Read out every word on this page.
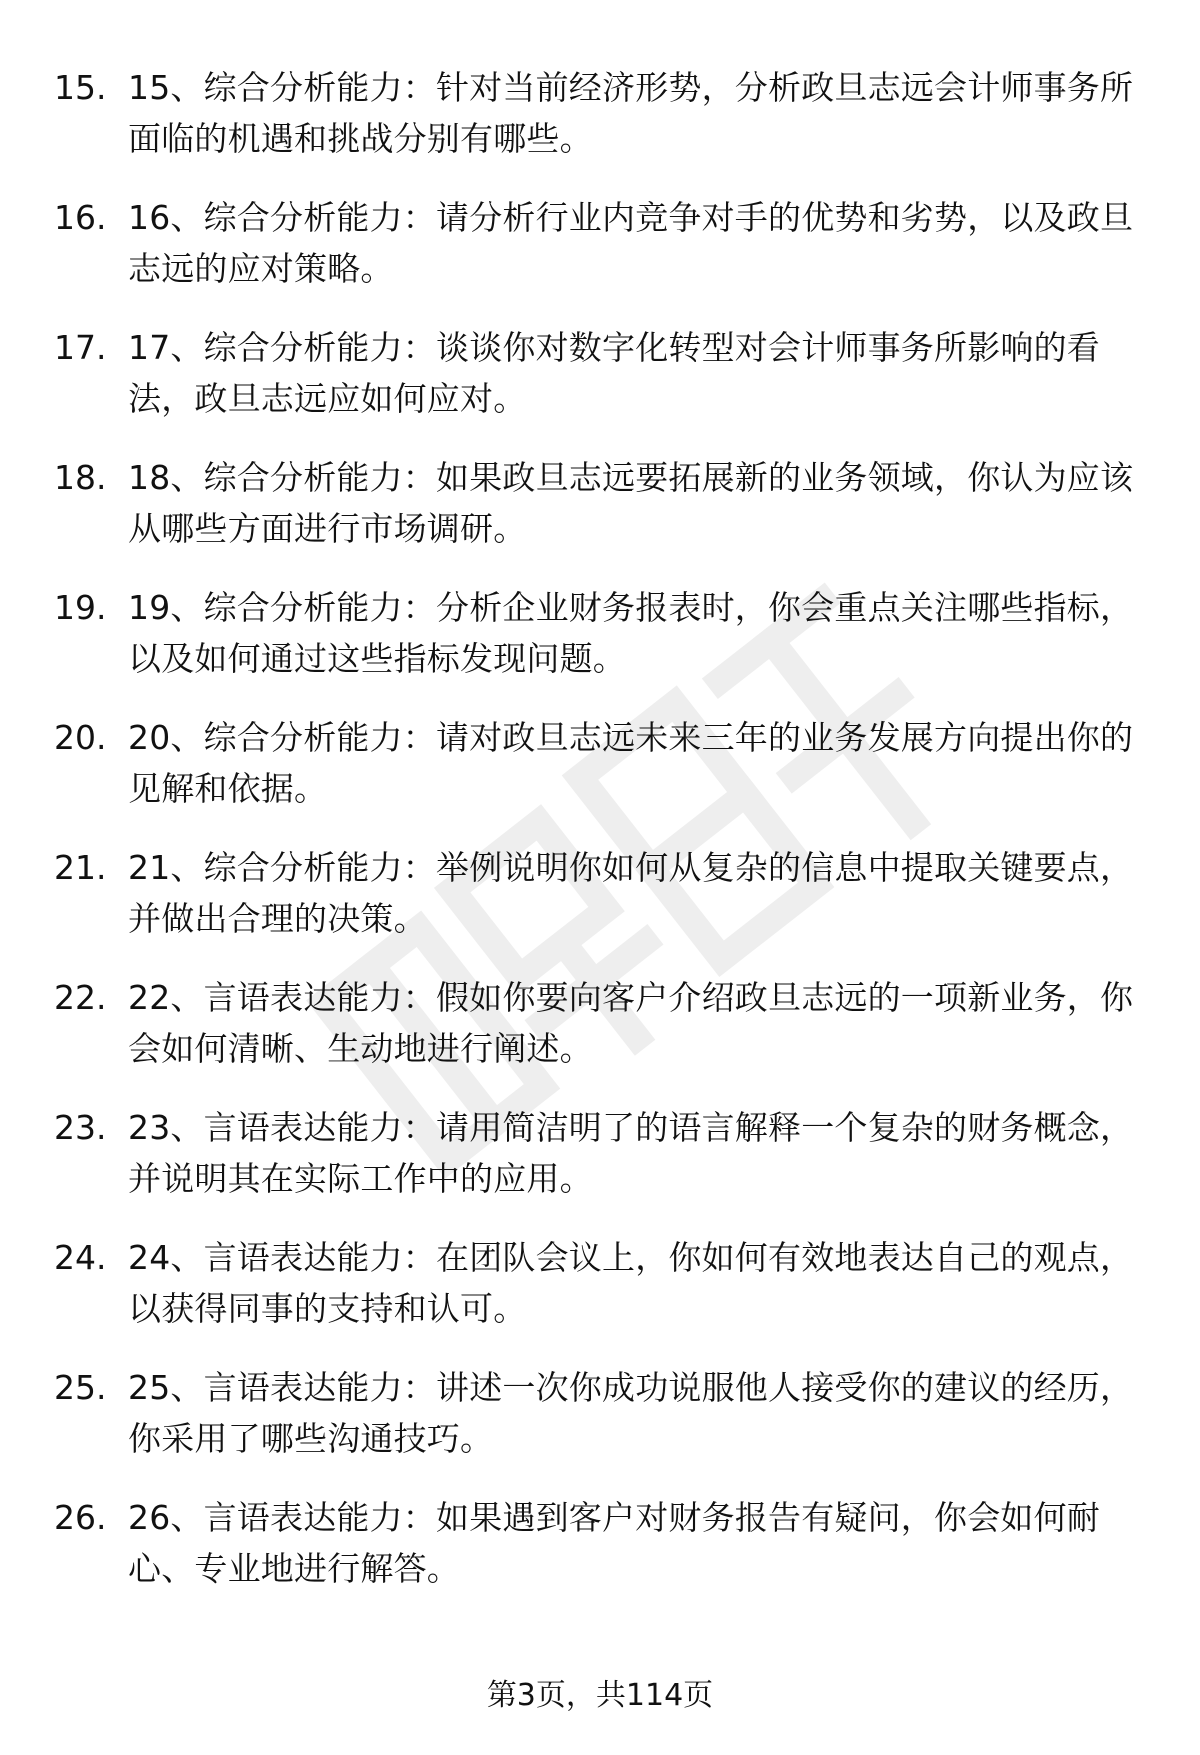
15. 15、综合分析能力：针对当前经济形势，分析政旦志远会计师事务所面临的机遇和挑战分别有哪些。
16. 16、综合分析能力：请分析行业内竞争对手的优势和劣势，以及政旦志远的应对策略。
17. 17、综合分析能力：谈谈你对数字化转型对会计师事务所影响的看法，政旦志远应如何应对。
18. 18、综合分析能力：如果政旦志远要拓展新的业务领域，你认为应该从哪些方面进行市场调研。
19. 19、综合分析能力：分析企业财务报表时，你会重点关注哪些指标，以及如何通过这些指标发现问题。
20. 20、综合分析能力：请对政旦志远未来三年的业务发展方向提出你的见解和依据。
21. 21、综合分析能力：举例说明你如何从复杂的信息中提取关键要点，并做出合理的决策。
22. 22、言语表达能力：假如你要向客户介绍政旦志远的一项新业务，你会如何清晰、生动地进行阐述。
23. 23、言语表达能力：请用简洁明了的语言解释一个复杂的财务概念，并说明其在实际工作中的应用。
24. 24、言语表达能力：在团队会议上，你如何有效地表达自己的观点，以获得同事的支持和认可。
25. 25、言语表达能力：讲述一次你成功说服他人接受你的建议的经历，你采用了哪些沟通技巧。
26. 26、言语表达能力：如果遇到客户对财务报告有疑问，你会如何耐心、专业地进行解答。
第3页，共114页
